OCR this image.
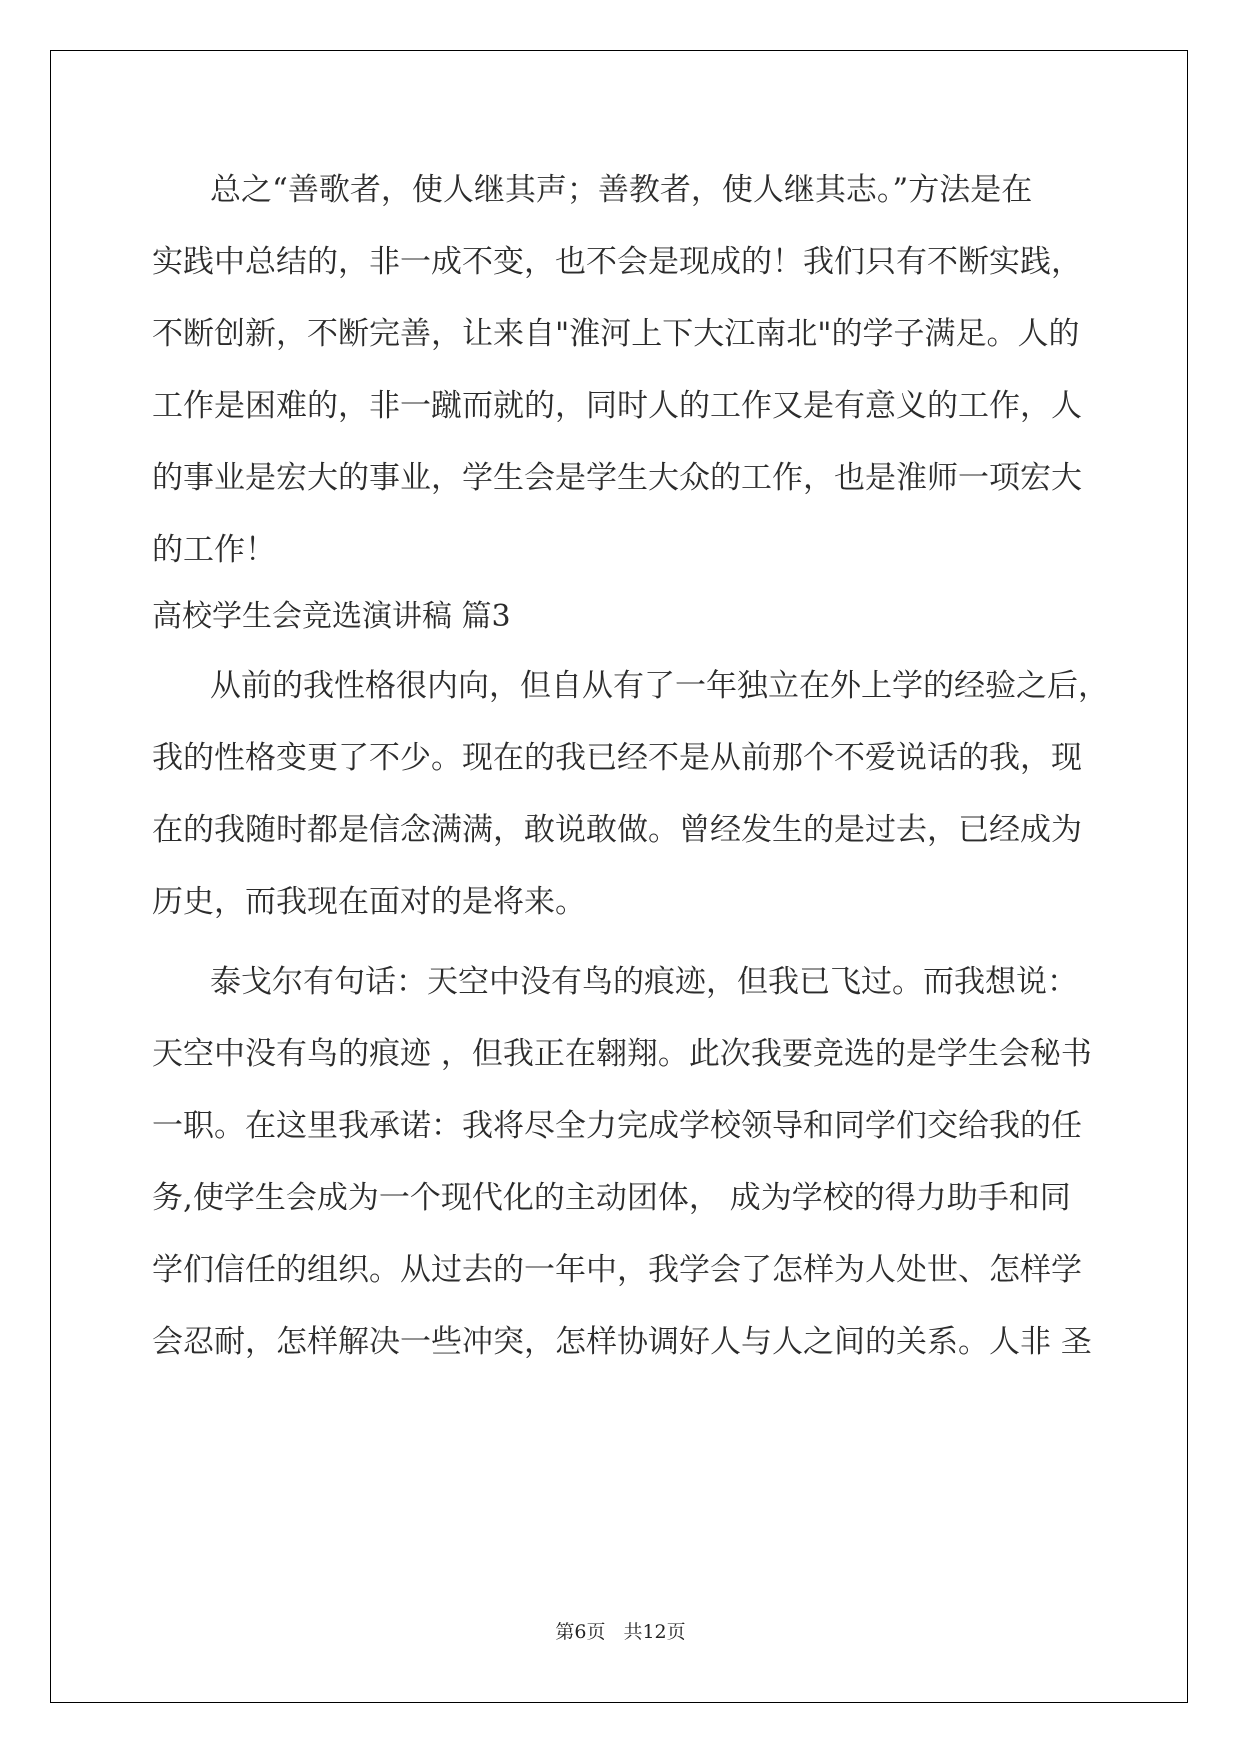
总之“善歌者，使人继其声；善教者，使人继其志。”方法是在
实践中总结的，非一成不变，也不会是现成的！我们只有不断实践，
不断创新，不断完善，让来自"淮河上下大江南北"的学子满足。人的
工作是困难的，非一蹴而就的，同时人的工作又是有意义的工作，人
的事业是宏大的事业，学生会是学生大众的工作，也是淮师一项宏大
的工作！
高校学生会竞选演讲稿 篇3
从前的我性格很内向，但自从有了一年独立在外上学的经验之后，
我的性格变更了不少。现在的我已经不是从前那个不爱说话的我，现
在的我随时都是信念满满，敢说敢做。曾经发生的是过去，已经成为
历史，而我现在面对的是将来。
泰戈尔有句话：天空中没有鸟的痕迹，但我已飞过。而我想说：
天空中没有鸟的痕迹 ，但我正在翱翔。此次我要竞选的是学生会秘书
一职。在这里我承诺：我将尽全力完成学校领导和同学们交给我的任
务,使学生会成为一个现代化的主动团体， 成为学校的得力助手和同
学们信任的组织。从过去的一年中，我学会了怎样为人处世、怎样学
会忍耐，怎样解决一些冲突，怎样协调好人与人之间的关系。人非 圣
第6页 共12页
